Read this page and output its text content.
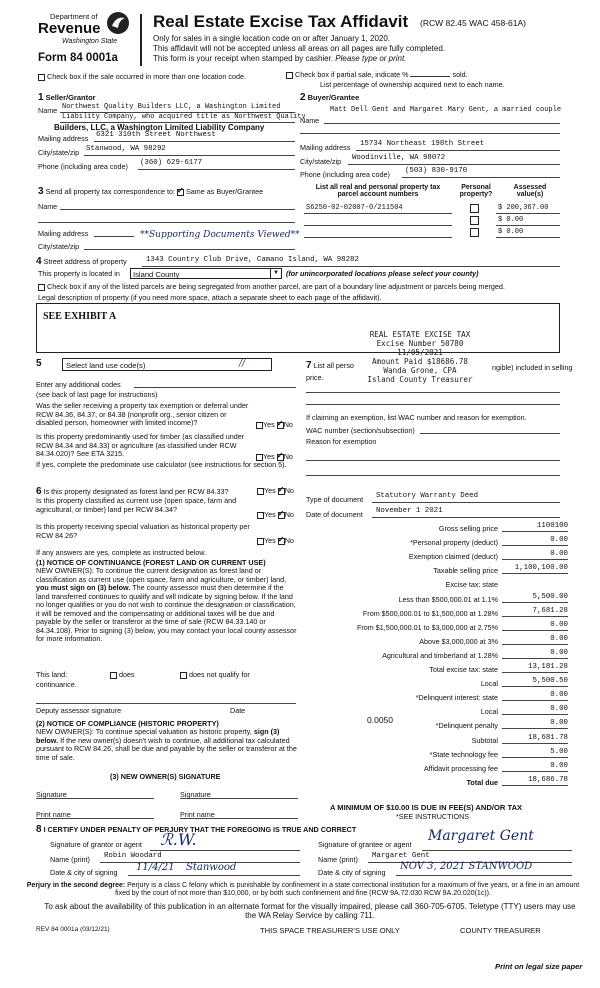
Department of
Revenue
Washington State
Form 84 0001a
Real Estate Excise Tax Affidavit (RCW 82.45 WAC 458-61A)
Only for sales in a single location code on or after January 1, 2020.
This affidavit will not be accepted unless all areas on all pages are fully completed.
This form is your receipt when stamped by cashier. Please type or print.
Check box if the sale occurred in more than one location code.	Check box if partial sale, indicate %	sold.
List percentage of ownership acquired next to each name.
1 Seller/Grantor
Name Northwest Quality Builders LLC, a Washington Limited
Liability Company, who acquired title as Northwest Quality
Builders, LLC, a Washington Limited Liability Company
Mailing address 6321 310th Street Northwest
City/state/zip Stanwood, WA 98292
Phone (including area code) (360) 629-6177
2 Buyer/Grantee
Matt Dell Gent and Margaret Mary Gent, a married couple
Name
Mailing address 15734 Northeast 198th Street
City/state/zip Woodinville, WA 98072
Phone (including area code) (503) 830-9170
3 Send all property tax correspondence to: ✓ Same as Buyer/Grantee
Name
Mailing address	**Supporting Documents Viewed**
City/state/zip
List all real and personal property tax parcel account numbers
Personal property?
Assessed value(s)
S6250-02-02007-0/211504	$ 200,367.00
$ 0.00
$ 0.00
4 Street address of property	1343 Country Club Drive, Camano Island, WA 98282
This property is located in Island County	▼ (for unincorporated locations please select your county)
Check box if any of the listed parcels are being segregated from another parcel, are part of a boundary line adjustment or parcels being merged.
Legal description of property (if you need more space, attach a separate sheet to each page of the affidavit).
SEE EXHIBIT A
REAL ESTATE EXCISE TAX
Excise Number 50780
11/05/2021
Amount Paid $18686.78
Wanda Grone, CPA
Island County Treasurer
5	Select land use code(s)	//
Enter any additional codes
(see back of last page for instructions)
Was the seller receiving a property tax exemption or deferral under RCW 84.36, 84.37, or 84.38 (nonprofit org., senior citizen or disabled person, homeowner with limited income)?	Yes ✓ No
Is this property predominantly used for timber (as classified under RCW 84.34 and 84.33) or agriculture (as classified under RCW 84.34.020)? See ETA 3215.	Yes ✓ No
If yes, complete the predominate use calculator (see instructions for section 5).
7 List all perso	ngible) included in selling
price.
If claiming an exemption, list WAC number and reason for exemption.
WAC number (section/subsection)
Reason for exemption
6 Is this property designated as forest land per RCW 84.33?	Yes ✓ No
Is this property classified as current use (open space, farm and agricultural, or timber) land per RCW 84.34?
Yes ✓ No
Is this property receiving special valuation as historical property per RCW 84.26?
Yes ✓ No
If any answers are yes, complete as instructed below.
(1) NOTICE OF CONTINUANCE (FOREST LAND OR CURRENT USE)
NEW OWNER(S): To continue the current designation as forest land or classification as current use (open space, farm and agriculture, or timber) land, you must sign on (3) below. The county assessor must then determine if the land transferred continues to qualify and will indicate by signing below. If the land no longer qualifies or you do not wish to continue the designation or classification, it will be removed and the compensating or additional taxes will be due and payable by the seller or transferor at the time of sale (RCW 84.33.140 or 84.34.108). Prior to signing (3) below, you may contact your local county assessor for more information.
This land:	does	does not qualify for
continuance.
Deputy assessor signature	Date
(2) NOTICE OF COMPLIANCE (HISTORIC PROPERTY)
NEW OWNER(S): To continue special valuation as historic property, sign (3) below. If the new owner(s) doesn't wish to continue, all additional tax calculated pursuant to RCW 84.26, shall be due and payable by the seller or transferor at the time of sale.
(3) NEW OWNER(S) SIGNATURE
Signature	Signature
Print name	Print name
Type of document Statutory Warranty Deed
Date of document November 1 2021
Gross selling price	1100100
*Personal property (deduct)	0.00
Exemption claimed (deduct)	0.00
Taxable selling price	1,100,100.00
Excise tax: state
Less than $500,000.01 at 1.1%	5,500.00
From $500,000.01 to $1,500,000 at 1.28%	7,681.28
From $1,500,000.01 to $3,000,000 at 2.75%	0.00
Above $3,000,000 at 3%	0.00
Agricultural and timberland at 1.28%	0.00
Total excise tax: state	13,181.28
Local	5,500.50
*Delinquent interest: state	0.00
Local	0.00
*Delinquent penalty	0.00
Subtotal	18,681.78
*State technology fee	5.00
Affidavit processing fee	0.00
Total due	18,686.78
0.0050
A MINIMUM OF $10.00 IS DUE IN FEE(S) AND/OR TAX
*SEE INSTRUCTIONS
8 I CERTIFY UNDER PENALTY OF PERJURY THAT THE FOREGOING IS TRUE AND CORRECT
Signature of grantor or agent ℛ.W.
Name (print) Robin Woodard
Date & city of signing 11/4/21 Stanwood
Signature of grantee or agent
Margaret Gent
Name (print) Margaret Gent
Date & city of signing
NOV 3, 2021 STANWOOD
Perjury in the second degree: Perjury is a class C felony which is punishable by confinement in a state correctional institution for a maximum of five years, or a fine in an amount fixed by the court of not more than $10,000, or by both such confinement and fine (RCW 9A.72.030 RCW 9A.20.020(1c)).
To ask about the availability of this publication in an alternate format for the visually impaired, please call 360-705-6705. Teletype (TTY) users may use the WA Relay Service by calling 711.
REV 84 0001a (03/12/21)	THIS SPACE TREASURER'S USE ONLY	COUNTY TREASURER
Print on legal size paper
